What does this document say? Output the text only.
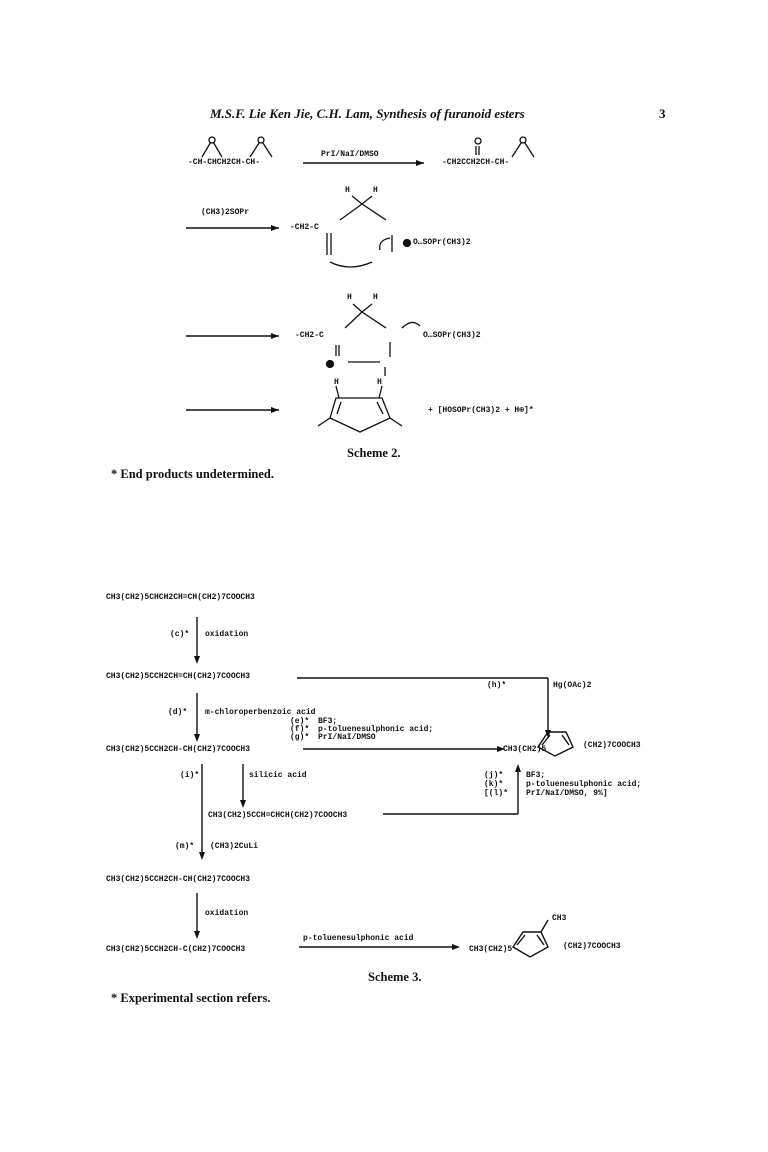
M.S.F. Lie Ken Jie, C.H. Lam, Synthesis of furanoid esters	3
-CH-CHCH2CH-CH-
PrI/NaI/DMSO
-CH2CCH2CH-CH-
H	H
(CH3)2SOPr
-CH2-C
O…SOPr(CH3)2
H	H
-CH2-C	O…SOPr(CH3)2
H	H
+ [HOSOPr(CH3)2 + H⊕]*
Scheme 2.
* End products undetermined.
CH3(CH2)5CHCH2CH=CH(CH2)7COOCH3
(c)* oxidation
CH3(CH2)5CCH2CH=CH(CH2)7COOCH3
(h)*	Hg(OAc)2
(d)* m-chloroperbenzoic acid
(e)*
(f)*
(g)*
BF3;
p-toluenesulphonic acid;
PrI/NaI/DMSO
CH3(CH2)5CCH2CH-CH(CH2)7COOCH3	CH3(CH2)5	(CH2)7COOCH3
(i)*	silicic acid	(j)*
(k)*
[(l)*
BF3;
p-toluenesulphonic acid;
PrI/NaI/DMSO, 9%]
CH3(CH2)5CCH=CHCH(CH2)7COOCH3
(m)* (CH3)2CuLi
CH3(CH2)5CCH2CH-CH(CH2)7COOCH3
oxidation
CH3(CH2)5CCH2CH-C(CH2)7COOCH3
p-toluenesulphonic acid
CH3(CH2)5
CH3
(CH2)7COOCH3
Scheme 3.
* Experimental section refers.
